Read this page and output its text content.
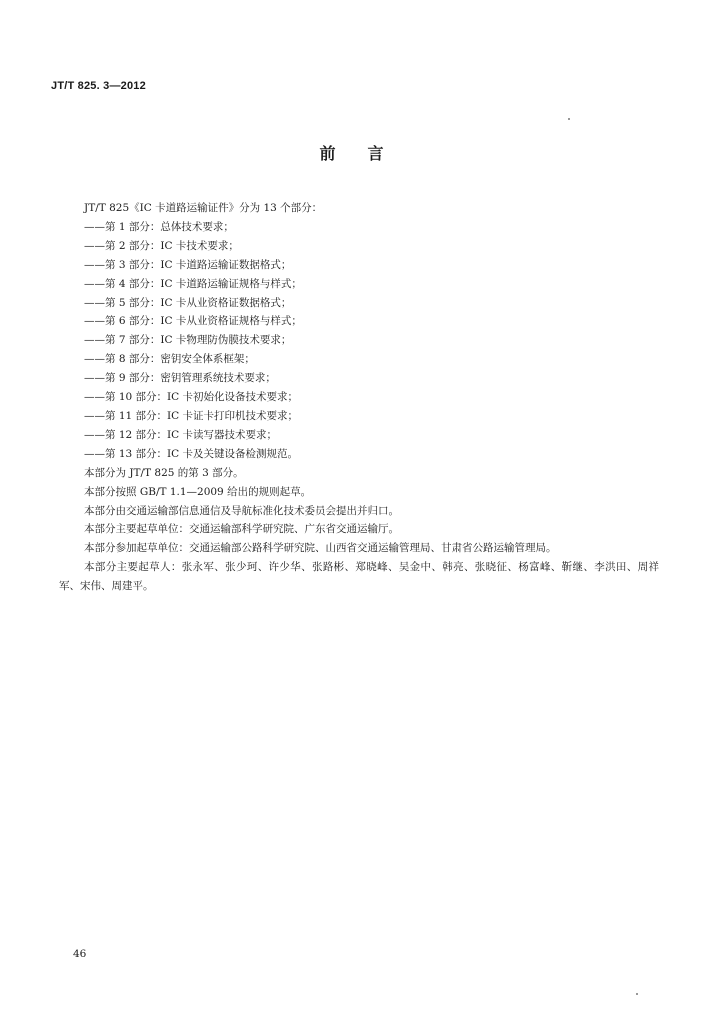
JT/T 825. 3—2012
前言

JT/T 825《IC 卡道路运输证件》分为 13 个部分：

——第 1 部分：总体技术要求；

——第 2 部分：IC 卡技术要求；

——第 3 部分：IC 卡道路运输证数据格式；

——第 4 部分：IC 卡道路运输证规格与样式；

——第 5 部分：IC 卡从业资格证数据格式；

——第 6 部分：IC 卡从业资格证规格与样式；

——第 7 部分：IC 卡物理防伪膜技术要求；

——第 8 部分：密钥安全体系框架；

——第 9 部分：密钥管理系统技术要求；

——第 10 部分：IC 卡初始化设备技术要求；

——第 11 部分：IC 卡证卡打印机技术要求；

——第 12 部分：IC 卡读写器技术要求；

——第 13 部分：IC 卡及关键设备检测规范。

本部分为 JT/T 825 的第 3 部分。

本部分按照 GB/T 1.1—2009 给出的规则起草。

本部分由交通运输部信息通信及导航标准化技术委员会提出并归口。

本部分主要起草单位：交通运输部科学研究院、广东省交通运输厅。

本部分参加起草单位：交通运输部公路科学研究院、山西省交通运输管理局、甘肃省公路运输管理局。

本部分主要起草人：张永军、张少珂、许少华、张路彬、郑晓峰、吴金中、韩亮、张晓征、杨富峰、靳继、李洪田、周祥军、宋伟、周建平。

46
